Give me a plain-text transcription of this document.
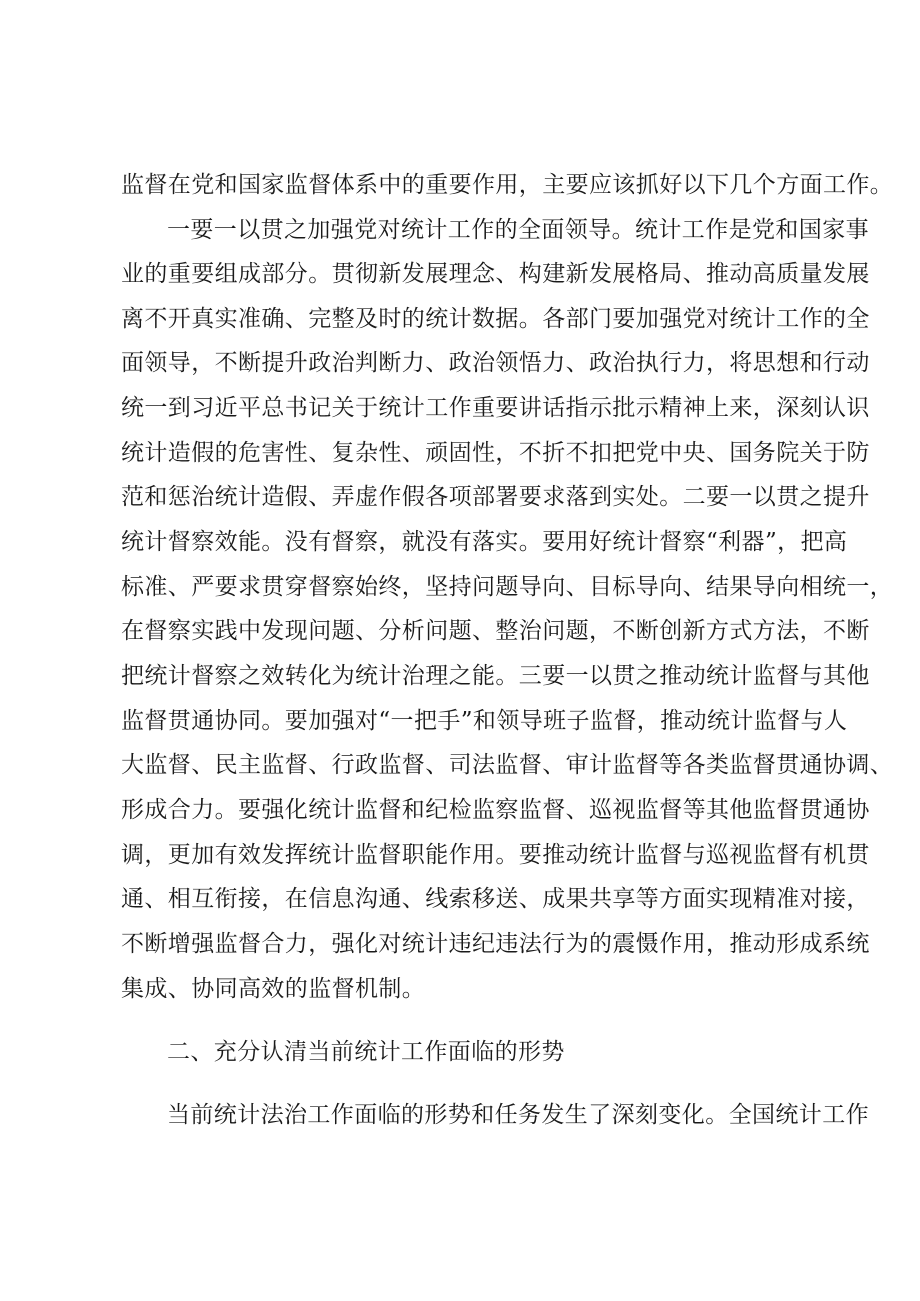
监督在党和国家监督体系中的重要作用，主要应该抓好以下几个方面工作。
一要一以贯之加强党对统计工作的全面领导。统计工作是党和国家事
业的重要组成部分。贯彻新发展理念、构建新发展格局、推动高质量发展
离不开真实准确、完整及时的统计数据。各部门要加强党对统计工作的全
面领导，不断提升政治判断力、政治领悟力、政治执行力，将思想和行动
统一到习近平总书记关于统计工作重要讲话指示批示精神上来，深刻认识
统计造假的危害性、复杂性、顽固性，不折不扣把党中央、国务院关于防
范和惩治统计造假、弄虚作假各项部署要求落到实处。二要一以贯之提升
统计督察效能。没有督察，就没有落实。要用好统计督察“利器”，把高
标准、严要求贯穿督察始终，坚持问题导向、目标导向、结果导向相统一，
在督察实践中发现问题、分析问题、整治问题，不断创新方式方法，不断
把统计督察之效转化为统计治理之能。三要一以贯之推动统计监督与其他
监督贯通协同。要加强对“一把手”和领导班子监督，推动统计监督与人
大监督、民主监督、行政监督、司法监督、审计监督等各类监督贯通协调、
形成合力。要强化统计监督和纪检监察监督、巡视监督等其他监督贯通协
调，更加有效发挥统计监督职能作用。要推动统计监督与巡视监督有机贯
通、相互衔接，在信息沟通、线索移送、成果共享等方面实现精准对接，
不断增强监督合力，强化对统计违纪违法行为的震慑作用，推动形成系统
集成、协同高效的监督机制。
二、充分认清当前统计工作面临的形势
当前统计法治工作面临的形势和任务发生了深刻变化。全国统计工作
